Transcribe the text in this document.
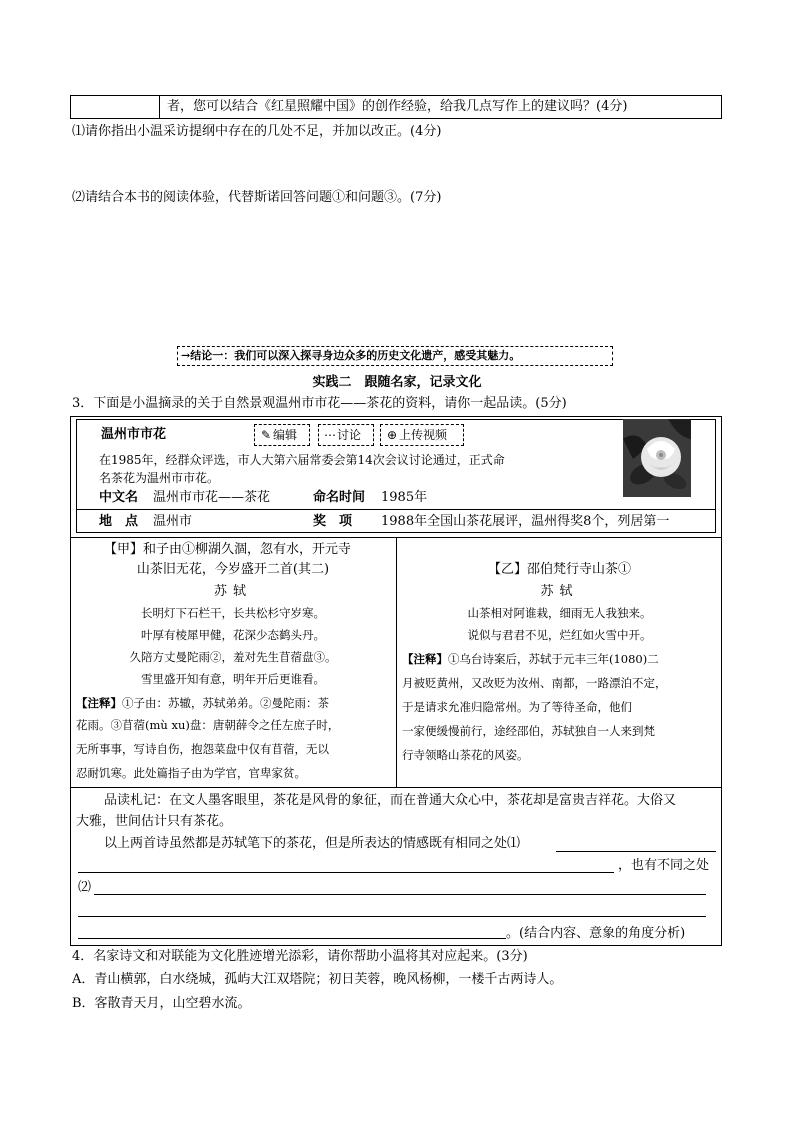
者，您可以结合《红星照耀中国》的创作经验，给我几点写作上的建议吗？(4分)
⑴请你指出小温采访提纲中存在的几处不足，并加以改正。(4分)
⑵请结合本书的阅读体验，代替斯诺回答问题①和问题③。(7分)
→结论一：我们可以深入探寻身边众多的历史文化遗产，感受其魅力。
实践二　跟随名家，记录文化
3．下面是小温摘录的关于自然景观温州市市花——茶花的资料，请你一起品读。(5分)
温州市市花	✎ 编辑	⋯讨论	⊕ 上传视频
在1985年，经群众评选，市人大第六届常委会第14次会议讨论通过，正式命
名茶花为温州市市花。
中文名 温州市市花——茶花	命名时间 1985年
地　点 温州市	奖　项 1988年全国山茶花展评，温州得奖8个，列居第一
【甲】和子由①柳湖久涸，忽有水，开元寺
山茶旧无花，今岁盛开二首(其二)
苏轼
长明灯下石栏干，长共松杉守岁寒。
叶厚有棱犀甲健，花深少态鹤头丹。
久陪方丈曼陀雨②，羞对先生苜蓿盘③。
雪里盛开知有意，明年开后更谁看。
【注释】①子由：苏辙，苏轼弟弟。②曼陀雨：茶
花雨。③苜蓿(mù xu)盘：唐朝薛令之任左庶子时，
无所事事，写诗自伤，抱怨菜盘中仅有苜蓿，无以
忍耐饥寒。此处篇指子由为学官，官卑家贫。
【乙】邵伯梵行寺山茶①
苏轼
山茶相对阿谁栽，细雨无人我独来。
说似与君君不见，烂红如火雪中开。
【注释】①乌台诗案后，苏轼于元丰三年(1080)二
月被贬黄州，又改贬为汝州、南都，一路漂泊不定，
于是请求允准归隐常州。为了等待圣命，他们
一家便缓慢前行，途经邵伯，苏轼独自一人来到梵
行寺领略山茶花的风姿。
品读札记：在文人墨客眼里，茶花是风骨的象征，而在普通大众心中，茶花却是富贵吉祥花。大俗又
大雅，世间估计只有茶花。
以上两首诗虽然都是苏轼笔下的茶花，但是所表达的情感既有相同之处⑴
，也有不同之处
⑵
。(结合内容、意象的角度分析)
4．名家诗文和对联能为文化胜迹增光添彩，请你帮助小温将其对应起来。(3分)
A．青山横郭，白水绕城，孤屿大江双塔院；初日芙蓉，晚风杨柳，一楼千古两诗人。
B．客散青天月，山空碧水流。
